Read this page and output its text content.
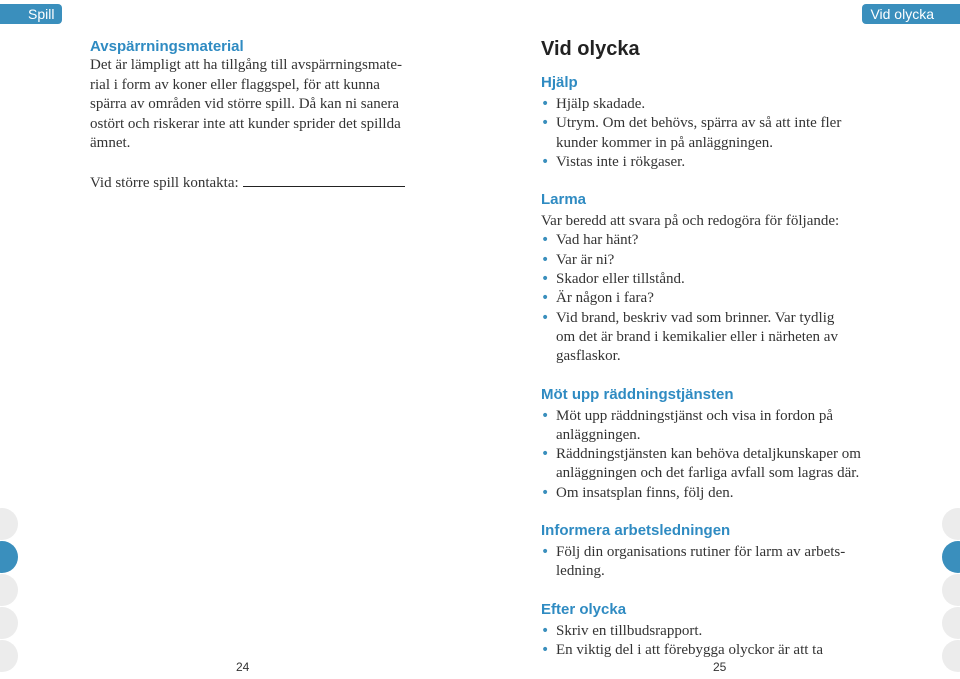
Spill	Vid olycka
Avspärrningsmaterial
Det är lämpligt att ha tillgång till avspärrningsmate-
rial i form av koner eller flaggspel, för att kunna
spärra av områden vid större spill. Då kan ni sanera
ostört och riskerar inte att kunder sprider det spillda
ämnet.
Vid större spill kontakta:
Vid olycka
Hjälp
• Hjälp skadade.
• Utrym. Om det behövs, spärra av så att inte fler
kunder kommer in på anläggningen.
• Vistas inte i rökgaser.
Larma
Var beredd att svara på och redogöra för följande:
• Vad har hänt?
• Var är ni?
• Skador eller tillstånd.
• Är någon i fara?
• Vid brand, beskriv vad som brinner. Var tydlig
om det är brand i kemikalier eller i närheten av
gasflaskor.
Möt upp räddningstjänsten
• Möt upp räddningstjänst och visa in fordon på
anläggningen.
• Räddningstjänsten kan behöva detaljkunskaper om
anläggningen och det farliga avfall som lagras där.
• Om insatsplan finns, följ den.
Informera arbetsledningen
• Följ din organisations rutiner för larm av arbets-
ledning.
Efter olycka
• Skriv en tillbudsrapport.
• En viktig del i att förebygga olyckor är att ta
24	25
